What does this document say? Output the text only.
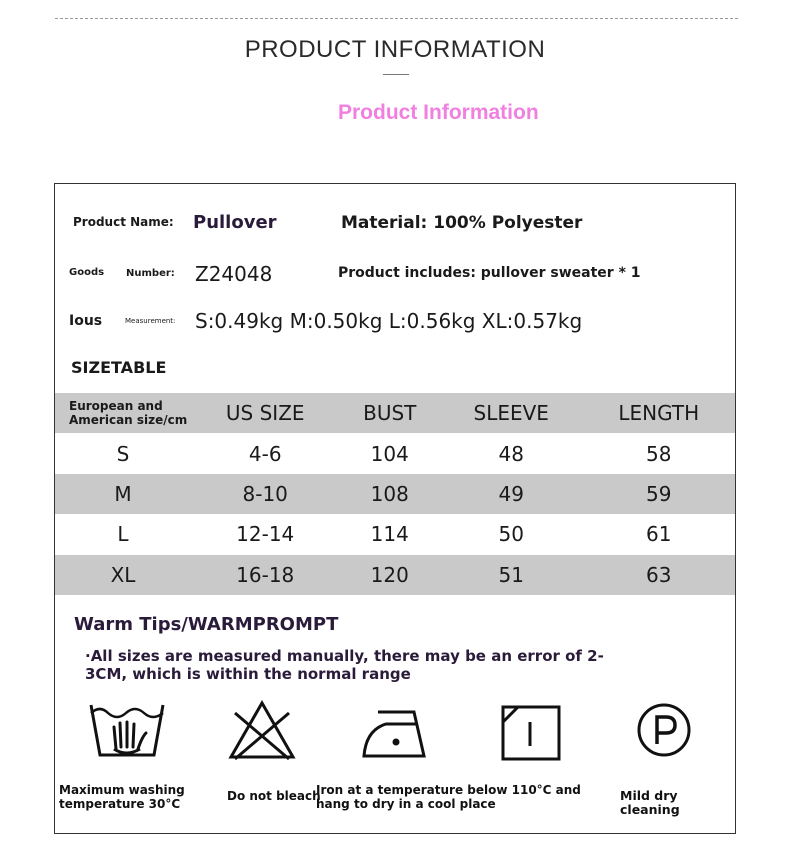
PRODUCT INFORMATION
Product Information
Product Name: Pullover	Material: 100% Polyester
Goods Number: Z24048	Product includes: pullover sweater * 1
Ious	Measurement: S:0.49kg M:0.50kg L:0.56kg XL:0.57kg
SIZETABLE
European and American size/cm	US SIZE	BUST	SLEEVE	LENGTH
S	4-6	104	48	58
M	8-10	108	49	59
L	12-14	114	50	61
XL	16-18	120	51	63
Warm Tips/WARMPROMPT
·All sizes are measured manually, there may be an error of 2-3CM, which is within the normal range
Maximum washing temperature 30°C
Do not bleach
Iron at a temperature below 110°C and hang to dry in a cool place
Mild dry cleaning
